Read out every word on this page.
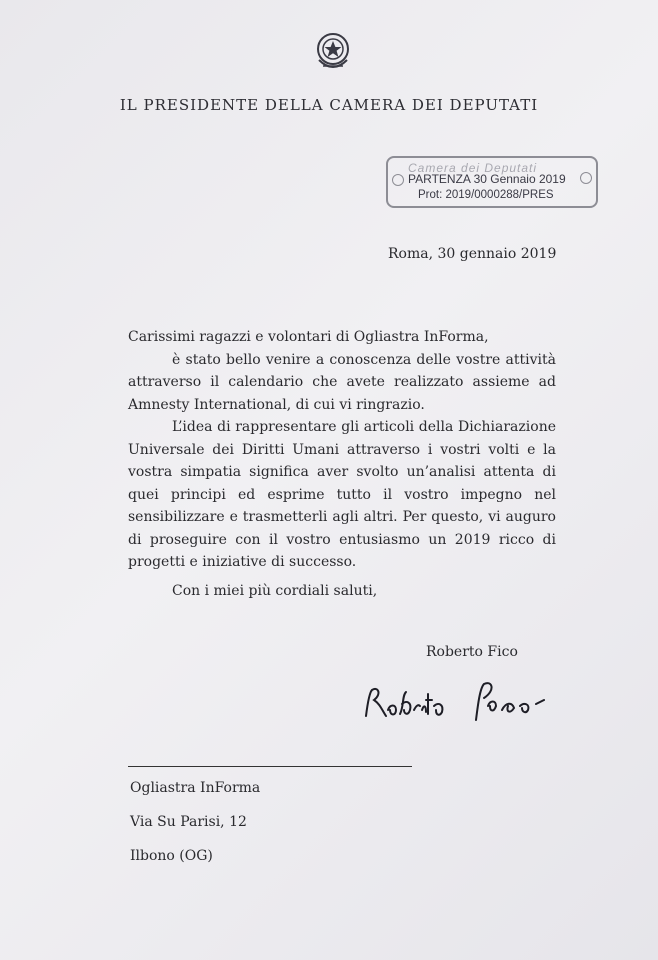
IL PRESIDENTE DELLA CAMERA DEI DEPUTATI
Camera dei Deputati
PARTENZA 30 Gennaio 2019
Prot: 2019/0000288/PRES
Roma, 30 gennaio 2019

Carissimi ragazzi e volontari di Ogliastra InForma,

è stato bello venire a conoscenza delle vostre attività attraverso il calendario che avete realizzato assieme ad Amnesty International, di cui vi ringrazio.

L’idea di rappresentare gli articoli della Dichiarazione Universale dei Diritti Umani attraverso i vostri volti e la vostra simpatia significa aver svolto un’analisi attenta di quei principi ed esprime tutto il vostro impegno nel sensibilizzare e trasmetterli agli altri. Per questo, vi auguro di proseguire con il vostro entusiasmo un 2019 ricco di progetti e iniziative di successo.

Con i miei più cordiali saluti,

Roberto Fico
Ogliastra InForma
Via Su Parisi, 12
Ilbono (OG)
